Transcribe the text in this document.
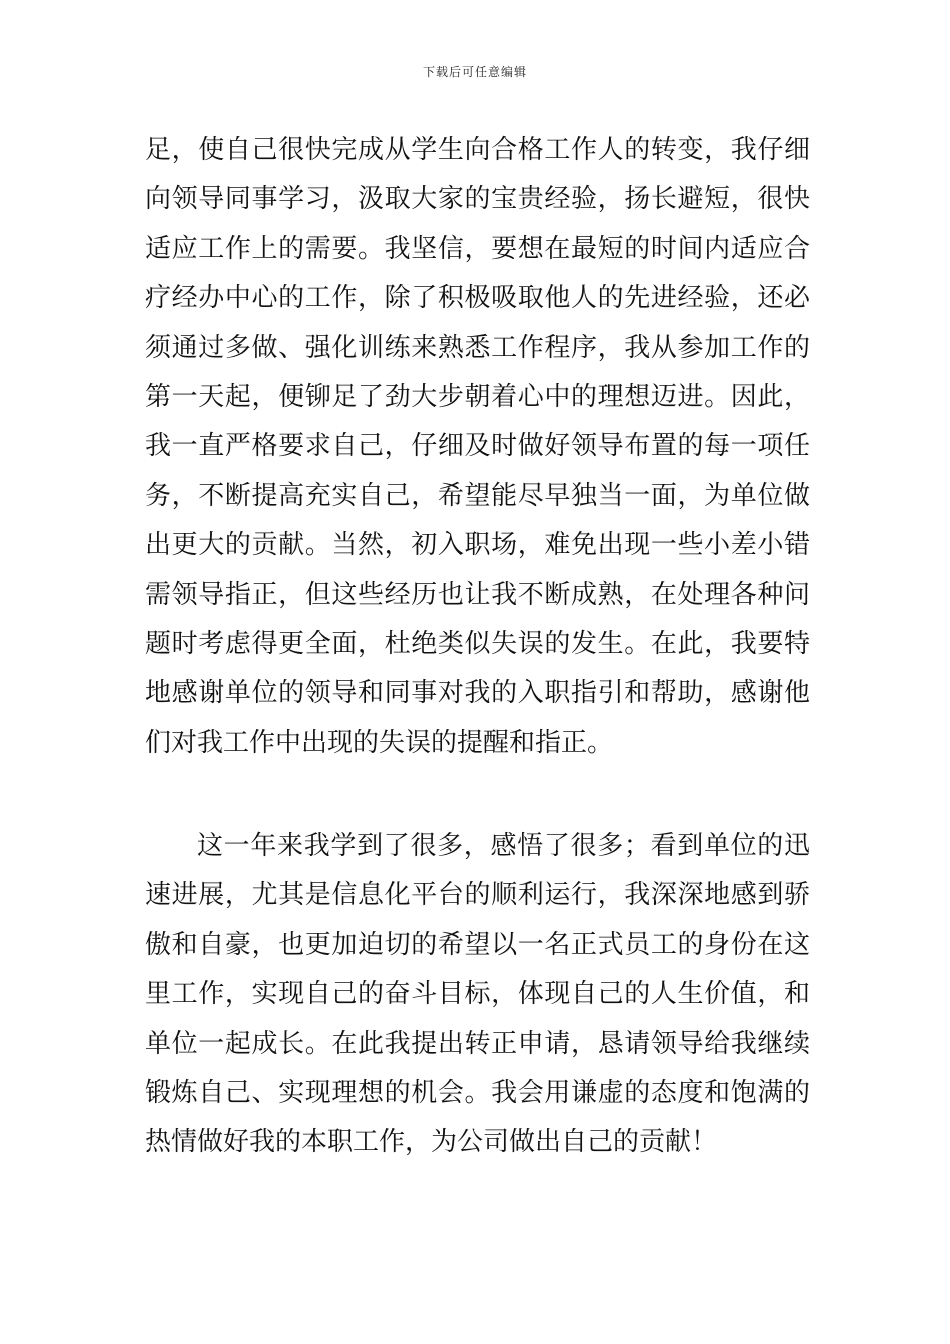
下载后可任意编辑
足，使自己很快完成从学生向合格工作人的转变，我仔细
向领导同事学习，汲取大家的宝贵经验，扬长避短，很快
适应工作上的需要。我坚信，要想在最短的时间内适应合
疗经办中心的工作，除了积极吸取他人的先进经验，还必
须通过多做、强化训练来熟悉工作程序，我从参加工作的
第一天起，便铆足了劲大步朝着心中的理想迈进。因此，
我一直严格要求自己，仔细及时做好领导布置的每一项任
务，不断提高充实自己，希望能尽早独当一面，为单位做
出更大的贡献。当然，初入职场，难免出现一些小差小错
需领导指正，但这些经历也让我不断成熟，在处理各种问
题时考虑得更全面，杜绝类似失误的发生。在此，我要特
地感谢单位的领导和同事对我的入职指引和帮助，感谢他
们对我工作中出现的失误的提醒和指正。
这一年来我学到了很多，感悟了很多；看到单位的迅
速进展，尤其是信息化平台的顺利运行，我深深地感到骄
傲和自豪，也更加迫切的希望以一名正式员工的身份在这
里工作，实现自己的奋斗目标，体现自己的人生价值，和
单位一起成长。在此我提出转正申请，恳请领导给我继续
锻炼自己、实现理想的机会。我会用谦虚的态度和饱满的
热情做好我的本职工作，为公司做出自己的贡献！
